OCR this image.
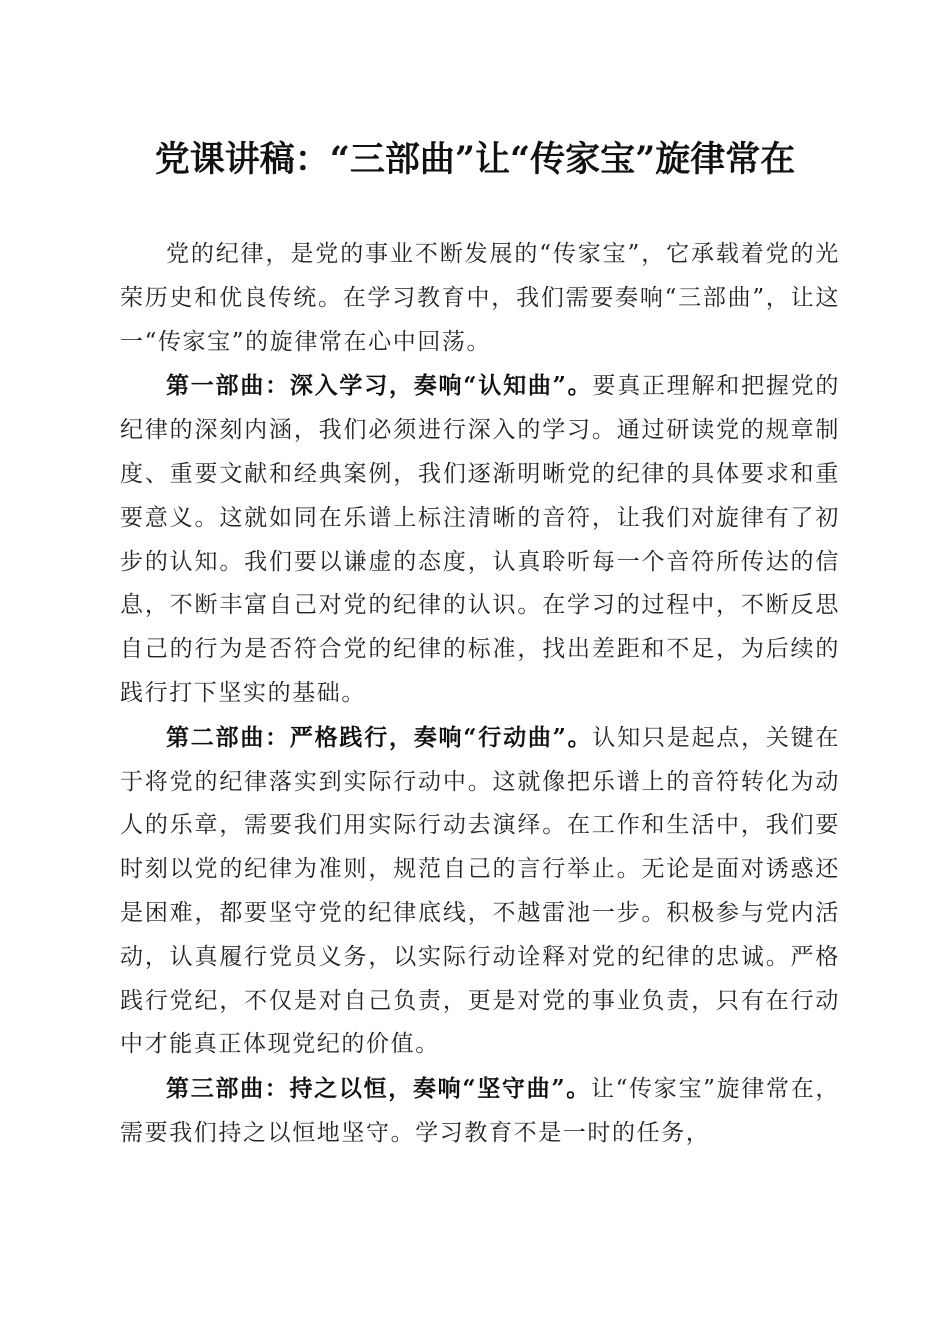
党课讲稿：“三部曲”让“传家宝”旋律常在

党的纪律，是党的事业不断发展的“传家宝”，它承载着党的光荣历史和优良传统。在学习教育中，我们需要奏响“三部曲”，让这一“传家宝”的旋律常在心中回荡。

第一部曲：深入学习，奏响“认知曲”。要真正理解和把握党的纪律的深刻内涵，我们必须进行深入的学习。通过研读党的规章制度、重要文献和经典案例，我们逐渐明晰党的纪律的具体要求和重要意义。这就如同在乐谱上标注清晰的音符，让我们对旋律有了初步的认知。我们要以谦虚的态度，认真聆听每一个音符所传达的信息，不断丰富自己对党的纪律的认识。在学习的过程中，不断反思自己的行为是否符合党的纪律的标准，找出差距和不足，为后续的践行打下坚实的基础。

第二部曲：严格践行，奏响“行动曲”。认知只是起点，关键在于将党的纪律落实到实际行动中。这就像把乐谱上的音符转化为动人的乐章，需要我们用实际行动去演绎。在工作和生活中，我们要时刻以党的纪律为准则，规范自己的言行举止。无论是面对诱惑还是困难，都要坚守党的纪律底线，不越雷池一步。积极参与党内活动，认真履行党员义务，以实际行动诠释对党的纪律的忠诚。严格践行党纪，不仅是对自己负责，更是对党的事业负责，只有在行动中才能真正体现党纪的价值。

第三部曲：持之以恒，奏响“坚守曲”。让“传家宝”旋律常在，需要我们持之以恒地坚守。学习教育不是一时的任务，
